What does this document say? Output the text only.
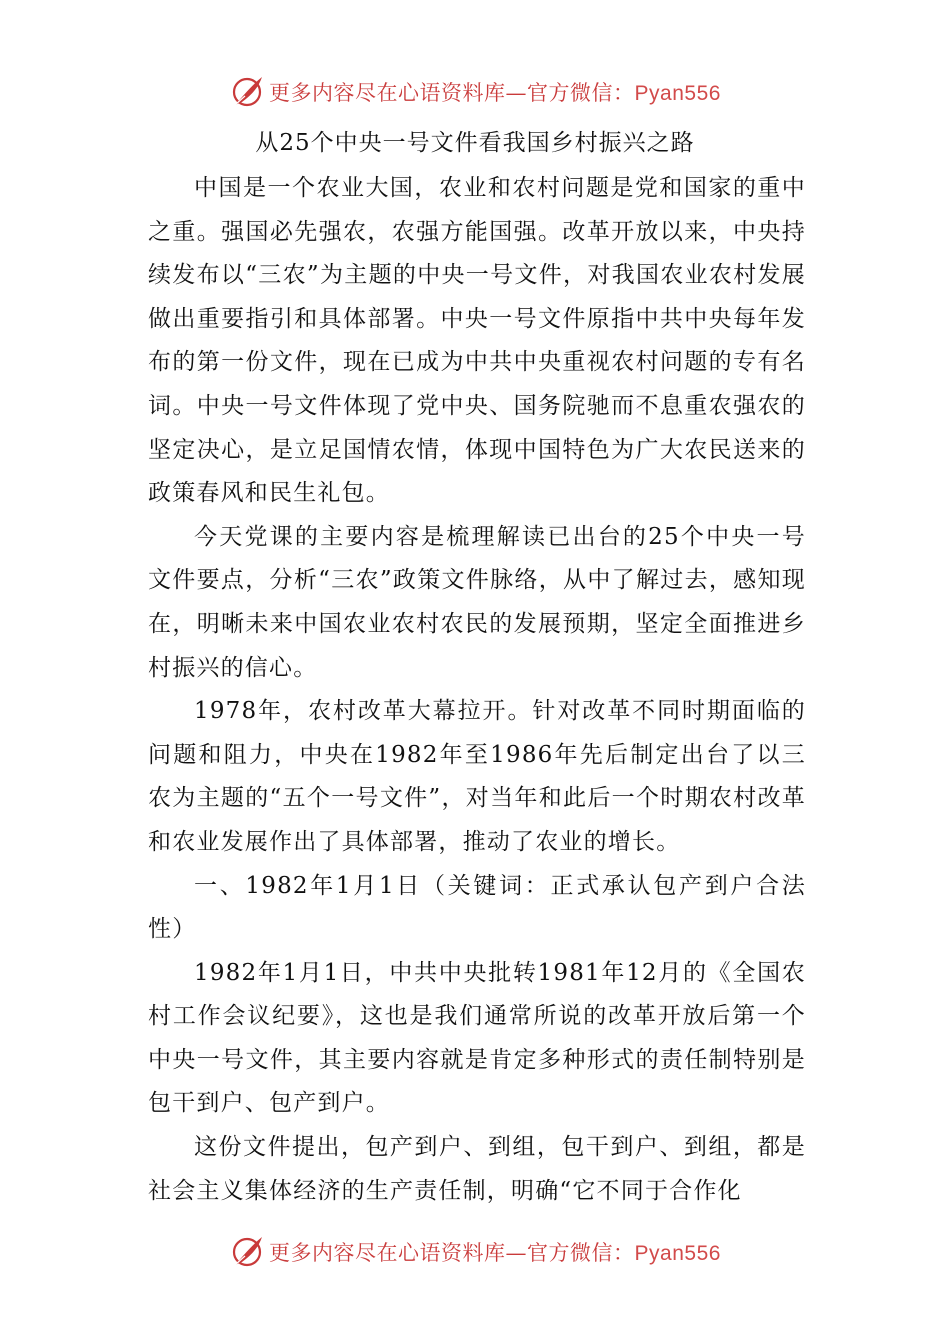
更多内容尽在心语资料库—官方微信：Pyan556
从25个中央一号文件看我国乡村振兴之路

中国是一个农业大国，农业和农村问题是党和国家的重中之重。强国必先强农，农强方能国强。改革开放以来，中央持续发布以“三农”为主题的中央一号文件，对我国农业农村发展做出重要指引和具体部署。中央一号文件原指中共中央每年发布的第一份文件，现在已成为中共中央重视农村问题的专有名词。中央一号文件体现了党中央、国务院驰而不息重农强农的坚定决心，是立足国情农情，体现中国特色为广大农民送来的政策春风和民生礼包。

今天党课的主要内容是梳理解读已出台的25个中央一号文件要点，分析“三农”政策文件脉络，从中了解过去，感知现在，明晰未来中国农业农村农民的发展预期，坚定全面推进乡村振兴的信心。

1978年，农村改革大幕拉开。针对改革不同时期面临的问题和阻力，中央在1982年至1986年先后制定出台了以三农为主题的“五个一号文件”，对当年和此后一个时期农村改革和农业发展作出了具体部署，推动了农业的增长。

一、1982年1月1日（关键词：正式承认包产到户合法性）

1982年1月1日，中共中央批转1981年12月的《全国农村工作会议纪要》，这也是我们通常所说的改革开放后第一个中央一号文件，其主要内容就是肯定多种形式的责任制特别是包干到户、包产到户。

这份文件提出，包产到户、到组，包干到户、到组，都是社会主义集体经济的生产责任制，明确“它不同于合作化

更多内容尽在心语资料库—官方微信：Pyan556
